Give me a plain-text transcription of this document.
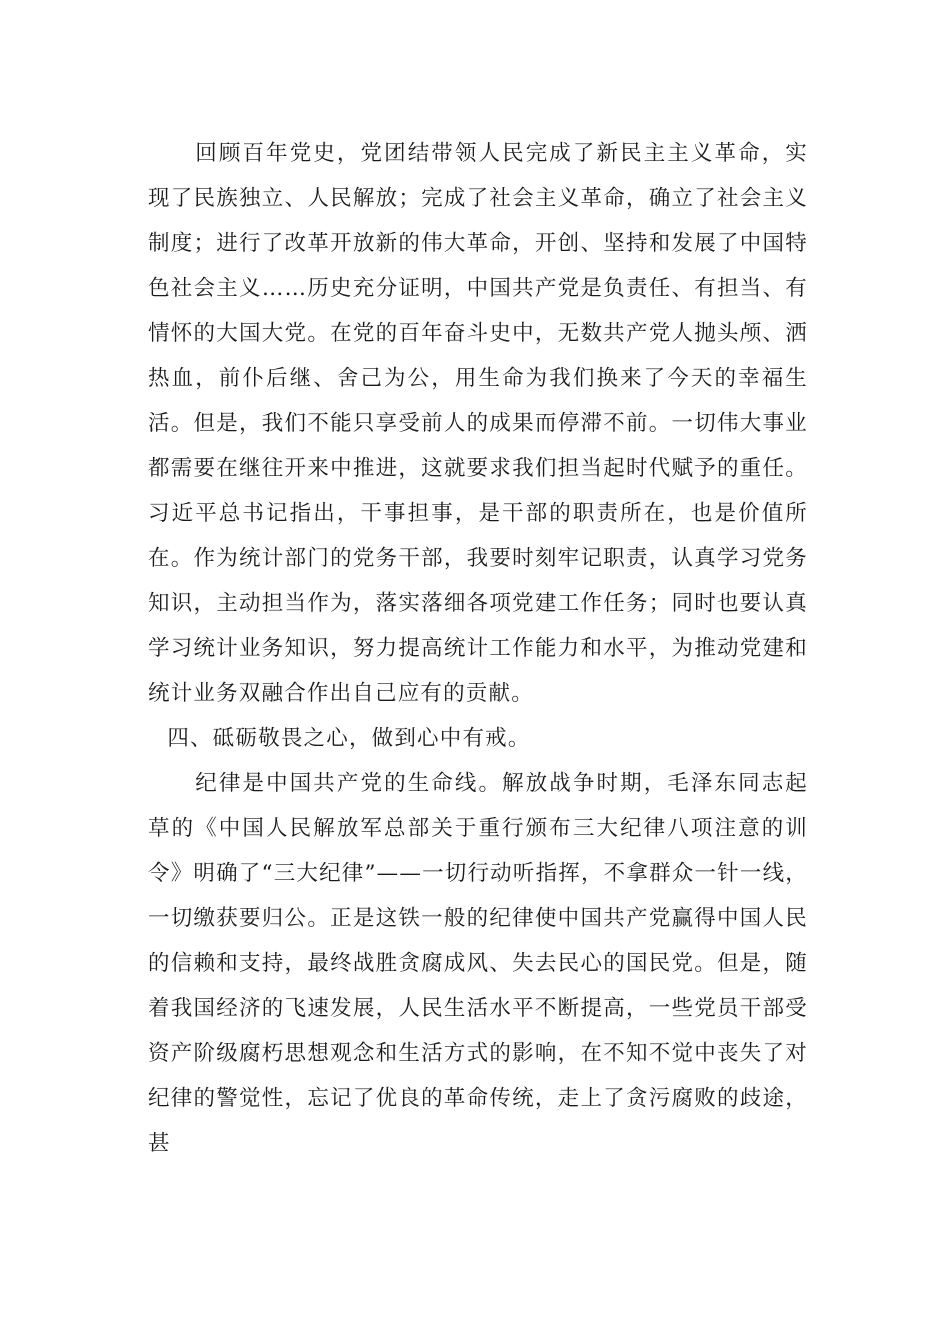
回顾百年党史，党团结带领人民完成了新民主主义革命，实现了民族独立、人民解放；完成了社会主义革命，确立了社会主义制度；进行了改革开放新的伟大革命，开创、坚持和发展了中国特色社会主义……历史充分证明，中国共产党是负责任、有担当、有情怀的大国大党。在党的百年奋斗史中，无数共产党人抛头颅、洒热血，前仆后继、舍己为公，用生命为我们换来了今天的幸福生活。但是，我们不能只享受前人的成果而停滞不前。一切伟大事业都需要在继往开来中推进，这就要求我们担当起时代赋予的重任。习近平总书记指出，干事担事，是干部的职责所在，也是价值所在。作为统计部门的党务干部，我要时刻牢记职责，认真学习党务知识，主动担当作为，落实落细各项党建工作任务；同时也要认真学习统计业务知识，努力提高统计工作能力和水平，为推动党建和统计业务双融合作出自己应有的贡献。

四、砥砺敬畏之心，做到心中有戒。

纪律是中国共产党的生命线。解放战争时期，毛泽东同志起草的《中国人民解放军总部关于重行颁布三大纪律八项注意的训令》明确了“三大纪律”——一切行动听指挥，不拿群众一针一线，一切缴获要归公。正是这铁一般的纪律使中国共产党赢得中国人民的信赖和支持，最终战胜贪腐成风、失去民心的国民党。但是，随着我国经济的飞速发展，人民生活水平不断提高，一些党员干部受资产阶级腐朽思想观念和生活方式的影响，在不知不觉中丧失了对纪律的警觉性，忘记了优良的革命传统，走上了贪污腐败的歧途，甚
